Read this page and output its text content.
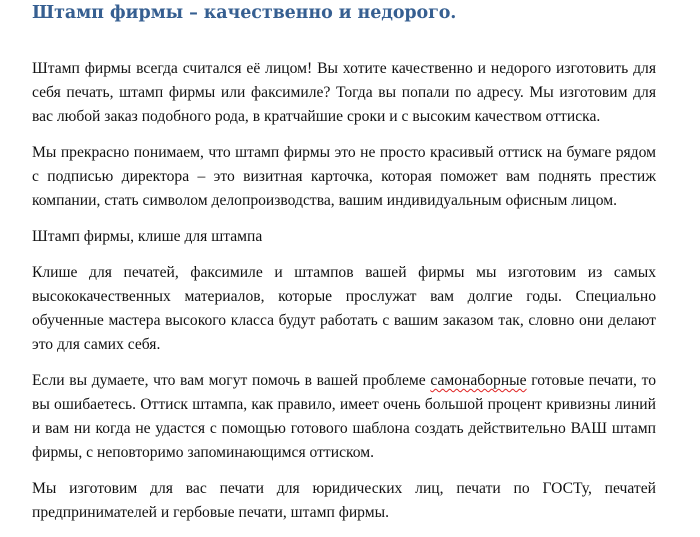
Штамп фирмы – качественно и недорого.

Штамп фирмы всегда считался её лицом! Вы хотите качественно и недорого изготовить для себя печать, штамп фирмы или факсимиле? Тогда вы попали по адресу. Мы изготовим для вас любой заказ подобного рода, в кратчайшие сроки и с высоким качеством оттиска.

Мы прекрасно понимаем, что штамп фирмы это не просто красивый оттиск на бумаге рядом с подписью директора – это визитная карточка, которая поможет вам поднять престиж компании, стать символом делопроизводства, вашим индивидуальным офисным лицом.

Штамп фирмы, клише для штампа

Клише для печатей, факсимиле и штампов вашей фирмы мы изготовим из самых высококачественных материалов, которые прослужат вам долгие годы. Специально обученные мастера высокого класса будут работать с вашим заказом так, словно они делают это для самих себя.

Если вы думаете, что вам могут помочь в вашей проблеме самонаборные готовые печати, то вы ошибаетесь. Оттиск штампа, как правило, имеет очень большой процент кривизны линий и вам ни когда не удастся с помощью готового шаблона создать действительно ВАШ штамп фирмы, с неповторимо запоминающимся оттиском.

Мы изготовим для вас печати для юридических лиц, печати по ГОСТу, печатей предпринимателей и гербовые печати, штамп фирмы.
